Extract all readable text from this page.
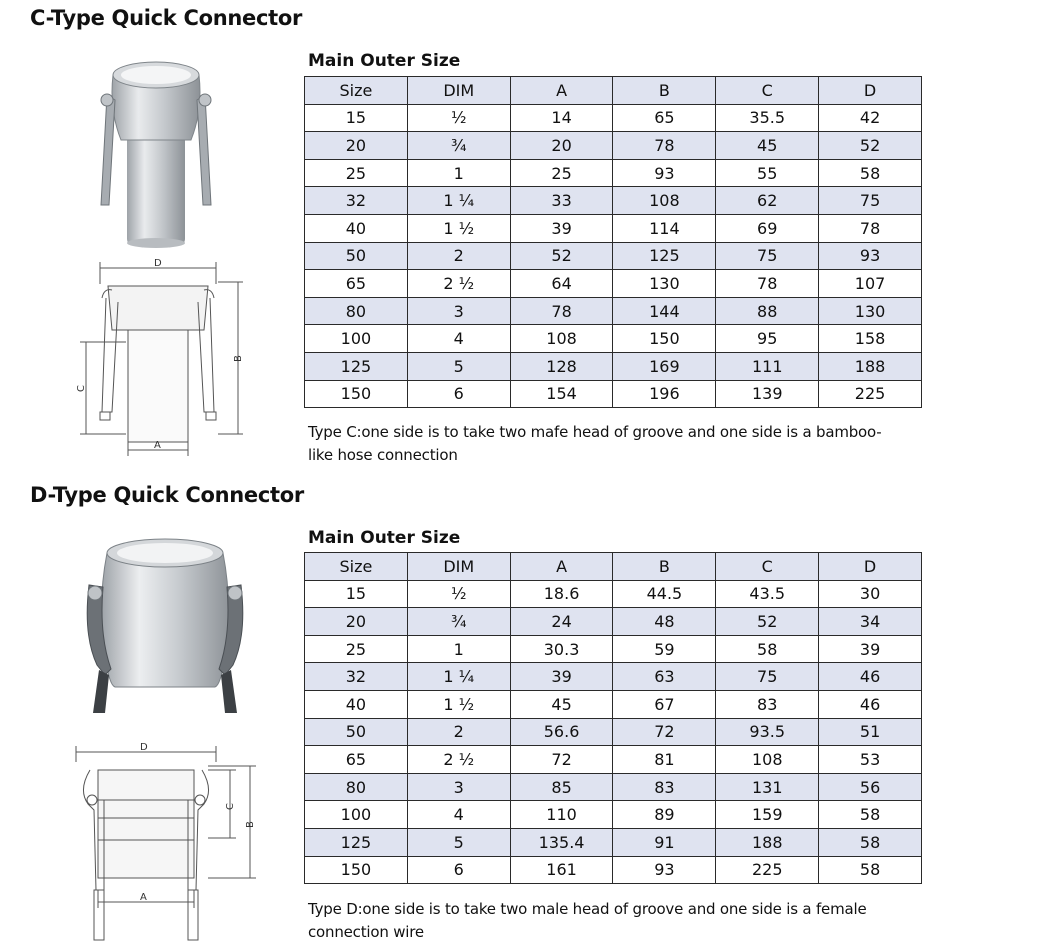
C-Type Quick Connector
D
B
C
A
Main Outer Size
Size	DIM	A	B	C	D
15	½	14	65	35.5	42
20	¾	20	78	45	52
25	1	25	93	55	58
32	1 ¼	33	108	62	75
40	1 ½	39	114	69	78
50	2	52	125	75	93
65	2 ½	64	130	78	107
80	3	78	144	88	130
100	4	108	150	95	158
125	5	128	169	111	188
150	6	154	196	139	225
Type C:one side is to take two mafe head of groove and one side is a bamboo-
like hose connection
D-Type Quick Connector
D
C
B
A
Main Outer Size
Size	DIM	A	B	C	D
15	½	18.6	44.5	43.5	30
20	¾	24	48	52	34
25	1	30.3	59	58	39
32	1 ¼	39	63	75	46
40	1 ½	45	67	83	46
50	2	56.6	72	93.5	51
65	2 ½	72	81	108	53
80	3	85	83	131	56
100	4	110	89	159	58
125	5	135.4	91	188	58
150	6	161	93	225	58
Type D:one side is to take two male head of groove and one side is a female
connection wire
